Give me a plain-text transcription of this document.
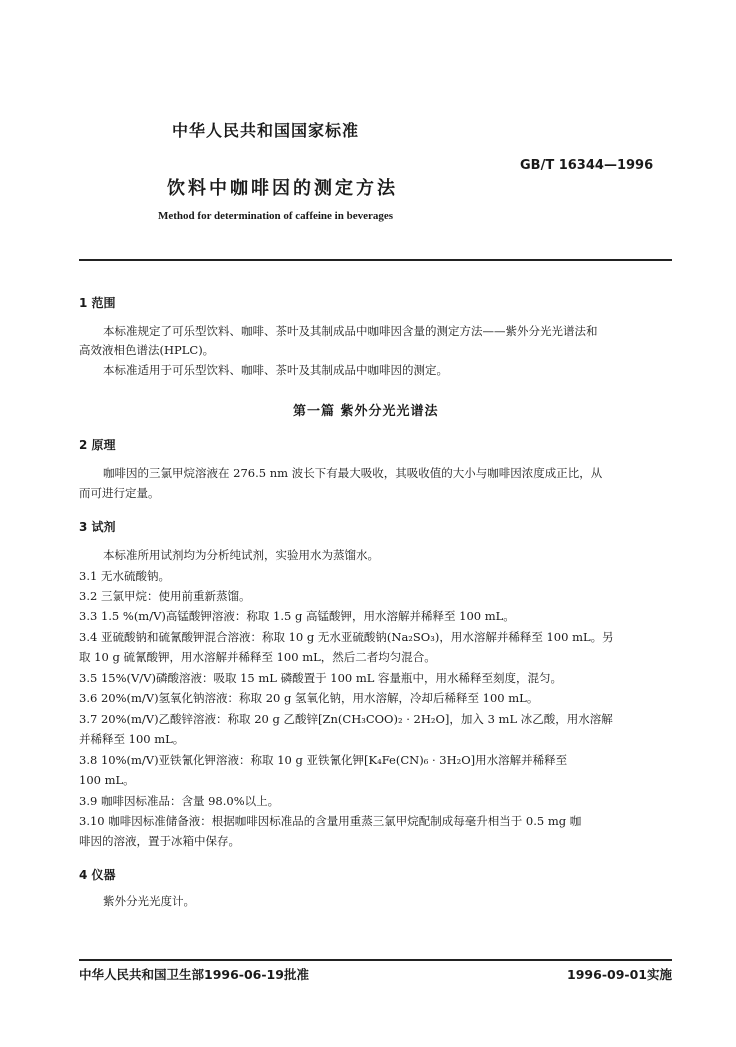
中华人民共和国国家标准
饮料中咖啡因的测定方法
GB/T 16344—1996
Method for determination of caffeine in beverages
1 范围
本标准规定了可乐型饮料、咖啡、茶叶及其制成品中咖啡因含量的测定方法——紫外分光光谱法和
高效液相色谱法(HPLC)。
本标准适用于可乐型饮料、咖啡、茶叶及其制成品中咖啡因的测定。
第一篇 紫外分光光谱法
2 原理
咖啡因的三氯甲烷溶液在 276.5 nm 波长下有最大吸收，其吸收值的大小与咖啡因浓度成正比，从
而可进行定量。
3 试剂
本标准所用试剂均为分析纯试剂，实验用水为蒸馏水。
3.1 无水硫酸钠。
3.2 三氯甲烷：使用前重新蒸馏。
3.3 1.5 %(m/V)高锰酸钾溶液：称取 1.5 g 高锰酸钾，用水溶解并稀释至 100 mL。
3.4 亚硫酸钠和硫氰酸钾混合溶液：称取 10 g 无水亚硫酸钠(Na₂SO₃)，用水溶解并稀释至 100 mL。另
取 10 g 硫氰酸钾，用水溶解并稀释至 100 mL，然后二者均匀混合。
3.5 15%(V/V)磷酸溶液：吸取 15 mL 磷酸置于 100 mL 容量瓶中，用水稀释至刻度，混匀。
3.6 20%(m/V)氢氧化钠溶液：称取 20 g 氢氧化钠，用水溶解，冷却后稀释至 100 mL。
3.7 20%(m/V)乙酸锌溶液：称取 20 g 乙酸锌[Zn(CH₃COO)₂ · 2H₂O]，加入 3 mL 冰乙酸，用水溶解
并稀释至 100 mL。
3.8 10%(m/V)亚铁氰化钾溶液：称取 10 g 亚铁氰化钾[K₄Fe(CN)₆ · 3H₂O]用水溶解并稀释至
100 mL。
3.9 咖啡因标准品：含量 98.0%以上。
3.10 咖啡因标准储备液：根据咖啡因标准品的含量用重蒸三氯甲烷配制成每毫升相当于 0.5 mg 咖
啡因的溶液，置于冰箱中保存。
4 仪器
紫外分光光度计。
中华人民共和国卫生部1996-06-19批准	1996-09-01实施
